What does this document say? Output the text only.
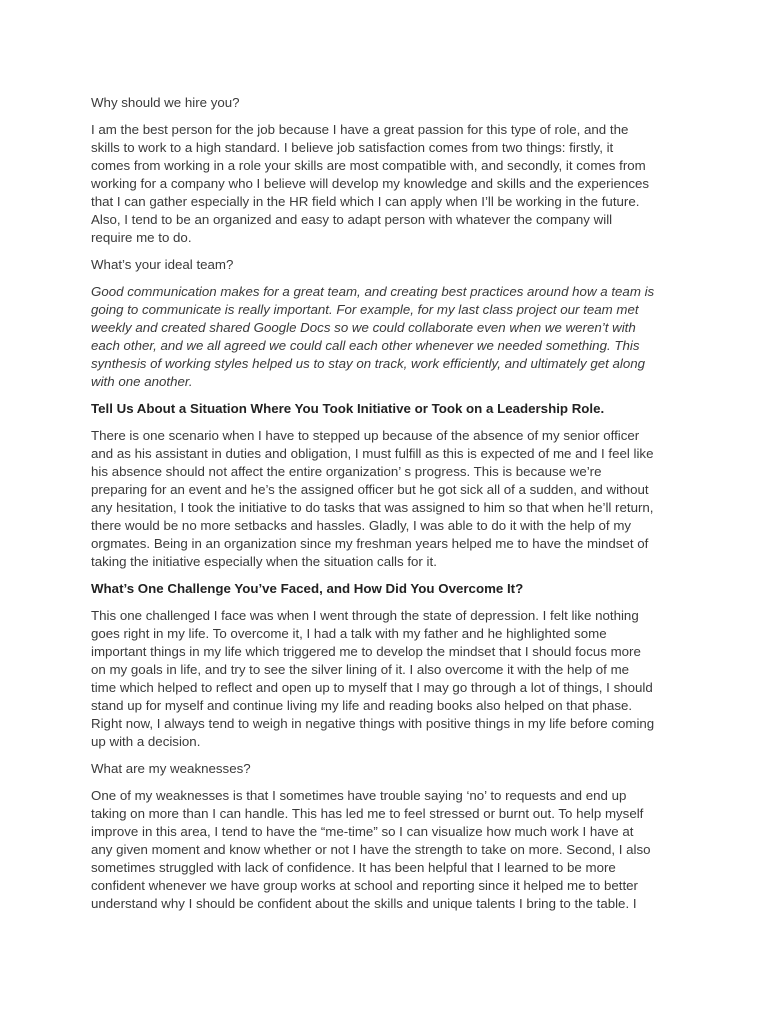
Why should we hire you?

I am the best person for the job because I have a great passion for this type of role, and the
skills to work to a high standard. I believe job satisfaction comes from two things: firstly, it
comes from working in a role your skills are most compatible with, and secondly, it comes from
working for a company who I believe will develop my knowledge and skills and the experiences
that I can gather especially in the HR field which I can apply when I’ll be working in the future.
Also, I tend to be an organized and easy to adapt person with whatever the company will
require me to do.

What’s your ideal team?

Good communication makes for a great team, and creating best practices around how a team is
going to communicate is really important. For example, for my last class project our team met
weekly and created shared Google Docs so we could collaborate even when we weren’t with
each other, and we all agreed we could call each other whenever we needed something. This
synthesis of working styles helped us to stay on track, work efficiently, and ultimately get along
with one another.

Tell Us About a Situation Where You Took Initiative or Took on a Leadership Role.

There is one scenario when I have to stepped up because of the absence of my senior officer
and as his assistant in duties and obligation, I must fulfill as this is expected of me and I feel like
his absence should not affect the entire organization’ s progress. This is because we’re
preparing for an event and he’s the assigned officer but he got sick all of a sudden, and without
any hesitation, I took the initiative to do tasks that was assigned to him so that when he’ll return,
there would be no more setbacks and hassles. Gladly, I was able to do it with the help of my
orgmates. Being in an organization since my freshman years helped me to have the mindset of
taking the initiative especially when the situation calls for it.

What’s One Challenge You’ve Faced, and How Did You Overcome It?

This one challenged I face was when I went through the state of depression. I felt like nothing
goes right in my life. To overcome it, I had a talk with my father and he highlighted some
important things in my life which triggered me to develop the mindset that I should focus more
on my goals in life, and try to see the silver lining of it. I also overcome it with the help of me
time which helped to reflect and open up to myself that I may go through a lot of things, I should
stand up for myself and continue living my life and reading books also helped on that phase.
Right now, I always tend to weigh in negative things with positive things in my life before coming
up with a decision.

What are my weaknesses?

One of my weaknesses is that I sometimes have trouble saying ‘no’ to requests and end up
taking on more than I can handle. This has led me to feel stressed or burnt out. To help myself
improve in this area, I tend to have the “me-time” so I can visualize how much work I have at
any given moment and know whether or not I have the strength to take on more. Second, I also
sometimes struggled with lack of confidence. It has been helpful that I learned to be more
confident whenever we have group works at school and reporting since it helped me to better
understand why I should be confident about the skills and unique talents I bring to the table. I
